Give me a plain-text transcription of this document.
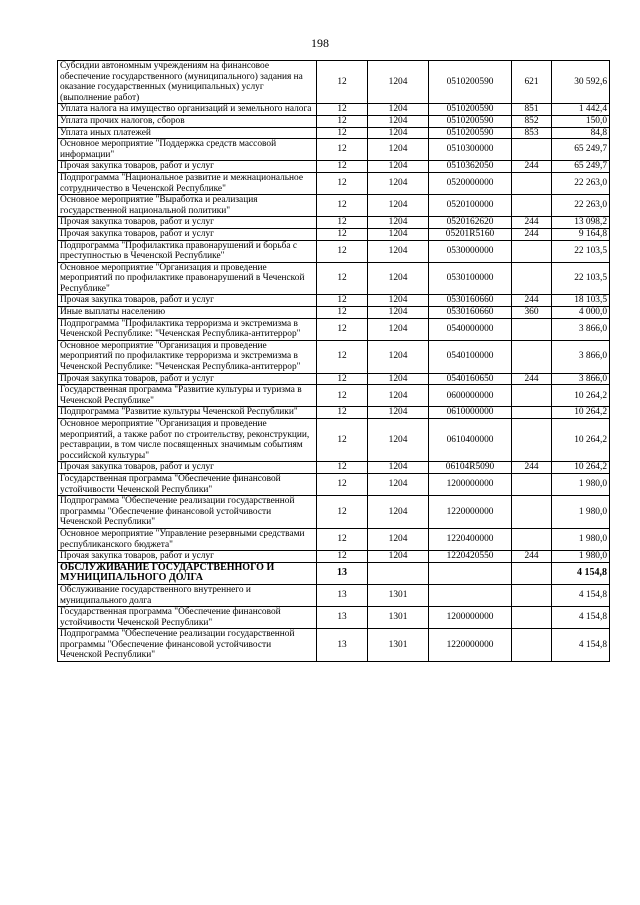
198
Субсидии автономным учреждениям на финансовое обеспечение государственного (муниципального) задания на оказание государственных (муниципальных) услуг (выполнение работ)	12	1204	0510200590	621	30 592,6
Уплата налога на имущество организаций и земельного налога	12	1204	0510200590	851	1 442,4
Уплата прочих налогов, сборов	12	1204	0510200590	852	150,0
Уплата иных платежей	12	1204	0510200590	853	84,8
Основное мероприятие "Поддержка средств массовой информации"	12	1204	0510300000		65 249,7
Прочая закупка товаров, работ и услуг	12	1204	0510362050	244	65 249,7
Подпрограмма "Национальное развитие и межнациональное сотрудничество в Чеченской Республике"	12	1204	0520000000		22 263,0
Основное мероприятие "Выработка и реализация государственной национальной политики"	12	1204	0520100000		22 263,0
Прочая закупка товаров, работ и услуг	12	1204	0520162620	244	13 098,2
Прочая закупка товаров, работ и услуг	12	1204	05201R5160	244	9 164,8
Подпрограмма "Профилактика правонарушений и борьба с преступностью в Чеченской Республике"	12	1204	0530000000		22 103,5
Основное мероприятие "Организация и проведение мероприятий по профилактике правонарушений в Чеченской Республике"	12	1204	0530100000		22 103,5
Прочая закупка товаров, работ и услуг	12	1204	0530160660	244	18 103,5
Иные выплаты населению	12	1204	0530160660	360	4 000,0
Подпрограмма "Профилактика терроризма и экстремизма в Чеченской Республике: "Чеченская Республика-антитеррор"	12	1204	0540000000		3 866,0
Основное мероприятие "Организация и проведение мероприятий по профилактике терроризма и экстремизма в Чеченской Республике: "Чеченская Республика-антитеррор"	12	1204	0540100000		3 866,0
Прочая закупка товаров, работ и услуг	12	1204	0540160650	244	3 866,0
Государственная программа "Развитие культуры и туризма в Чеченской Республике"	12	1204	0600000000		10 264,2
Подпрограмма "Развитие культуры Чеченской Республики"	12	1204	0610000000		10 264,2
Основное мероприятие "Организация и проведение мероприятий, а также работ по строительству, реконструкции, реставрации, в том числе посвященных значимым событиям российской культуры"	12	1204	0610400000		10 264,2
Прочая закупка товаров, работ и услуг	12	1204	06104R5090	244	10 264,2
Государственная программа "Обеспечение финансовой устойчивости Чеченской Республики"	12	1204	1200000000		1 980,0
Подпрограмма "Обеспечение реализации государственной программы "Обеспечение финансовой устойчивости Чеченской Республики"	12	1204	1220000000		1 980,0
Основное мероприятие "Управление резервными средствами республиканского бюджета"	12	1204	1220400000		1 980,0
Прочая закупка товаров, работ и услуг	12	1204	1220420550	244	1 980,0
ОБСЛУЖИВАНИЕ ГОСУДАРСТВЕННОГО И МУНИЦИПАЛЬНОГО ДОЛГА	13				4 154,8
Обслуживание государственного внутреннего и муниципального долга	13	1301			4 154,8
Государственная программа "Обеспечение финансовой устойчивости Чеченской Республики"	13	1301	1200000000		4 154,8
Подпрограмма "Обеспечение реализации государственной программы "Обеспечение финансовой устойчивости Чеченской Республики"	13	1301	1220000000		4 154,8
